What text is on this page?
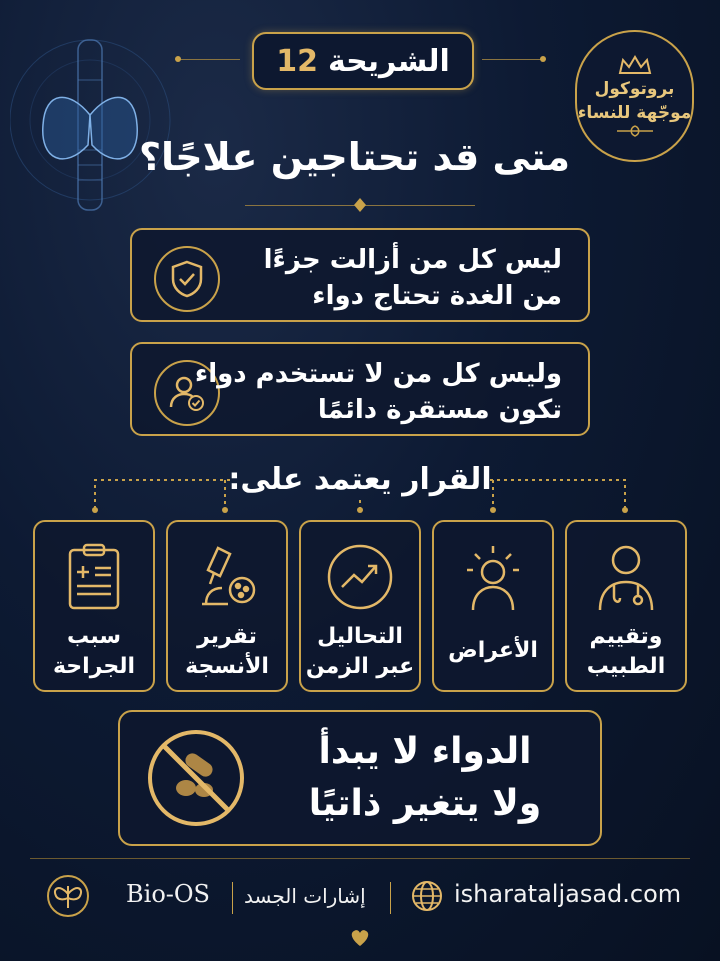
الشريحة
12
بروتوكول
موجّهة للنساء
متى قد تحتاجين علاجًا؟
ليس كل من أزالت جزءًا
من الغدة تحتاج دواء
وليس كل من لا تستخدم دواء
تكون مستقرة دائمًا
القرار يعتمد على:
وتقييم
الطبيب
الأعراض
التحاليل
عبر الزمن
تقرير
الأنسجة
سبب
الجراحة
الدواء لا يبدأ
ولا يتغير ذاتيًا
Bio-OS إشارات الجسد	isharataljasad.com
